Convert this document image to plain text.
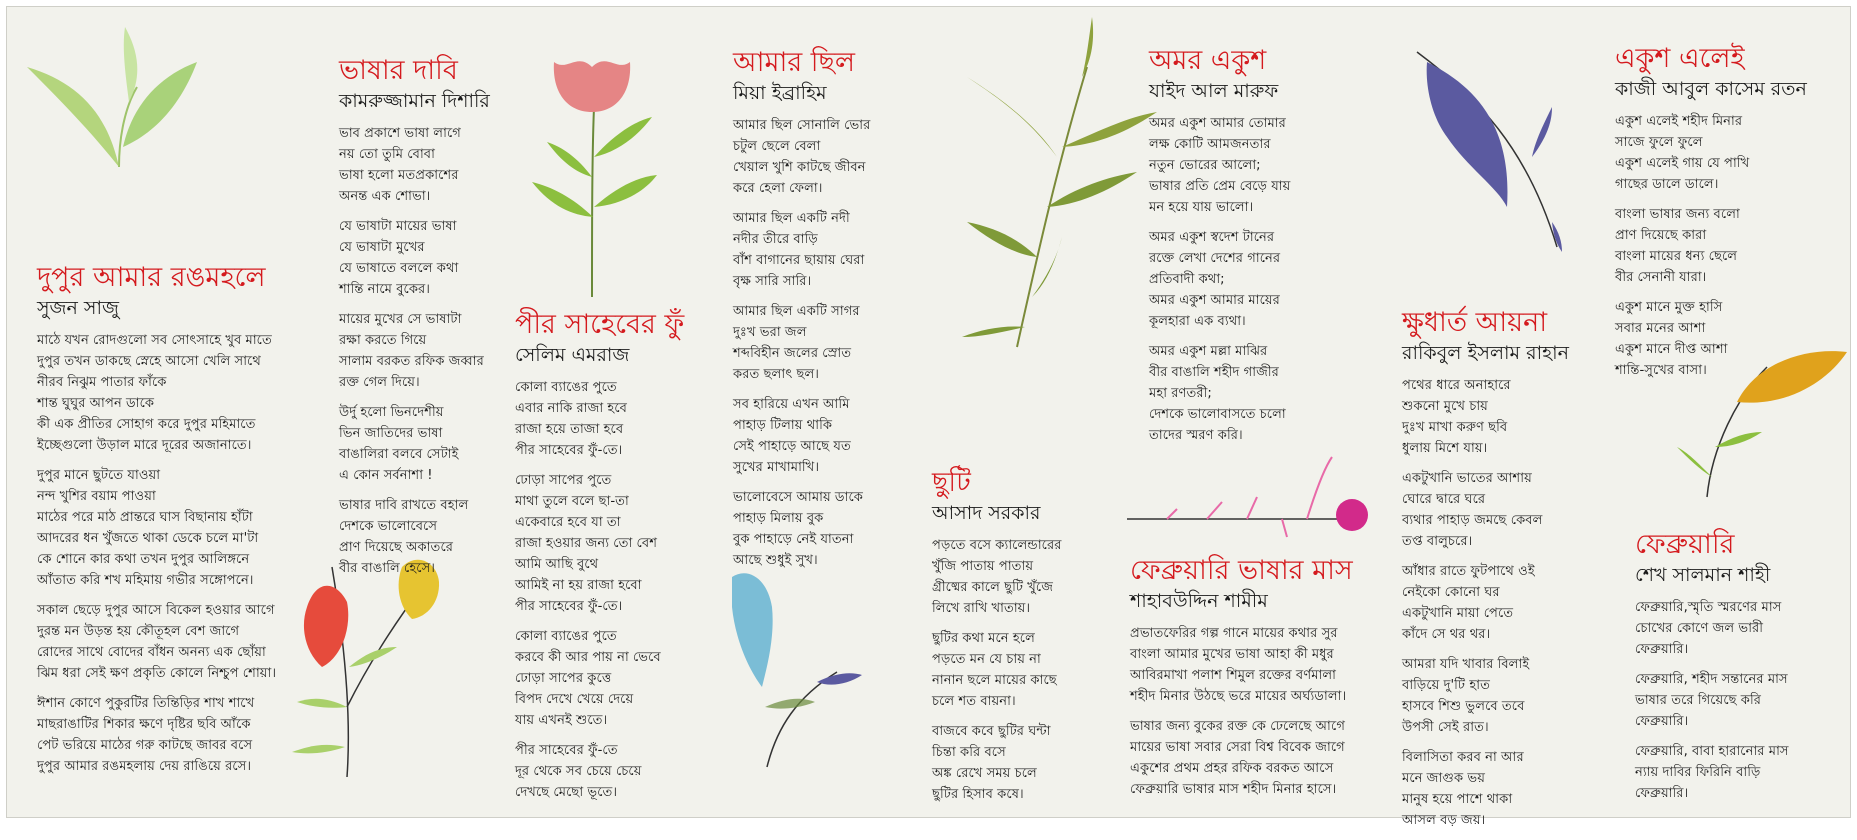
দুপুর আমার রঙমহলে
সুজন সাজু
মাঠে যখন রোদগুলো সব সোৎসাহে খুব মাতে
দুপুর তখন ডাকছে স্নেহে আসো খেলি সাথে
নীরব নিঝুম পাতার ফাঁকে
শান্ত ঘুঘুর আপন ডাকে
কী এক প্রীতির সোহাগ করে দুপুর মহিমাতে
ইচ্ছেগুলো উড়াল মারে দূরের অজানাতে।
দুপুর মানে ছুটতে যাওয়া
নন্দ খুশির বয়াম পাওয়া
মাঠের পরে মাঠ প্রান্তরে ঘাস বিছানায় হাঁটা
আদরের ধন খুঁজতে থাকা ডেকে চলে মা'টা
কে শোনে কার কথা তখন দুপুর আলিঙ্গনে
আঁতাত করি শখ মহিমায় গভীর সঙ্গোপনে।
সকাল ছেড়ে দুপুর আসে বিকেল হওয়ার আগে
দুরন্ত মন উড়ন্ত হয় কৌতূহল বেশ জাগে
রোদের সাথে বোদের বাঁধন অনন্য এক ছোঁয়া
ঝিম ধরা সেই ক্ষণ প্রকৃতি কোলে নিশ্চুপ শোয়া।
ঈশান কোণে পুকুরটির তিন্তিড়ির শাখ শাখে
মাছরাঙাটির শিকার ক্ষণে দৃষ্টির ছবি আঁকে
পেট ভরিয়ে মাঠের গরু কাটছে জাবর বসে
দুপুর আমার রঙমহলায় দেয় রাঙিয়ে রসে।
ভাষার দাবি
কামরুজ্জামান দিশারি
ভাব প্রকাশে ভাষা লাগে
নয় তো তুমি বোবা
ভাষা হলো মতপ্রকাশের
অনন্ত এক শোভা।
যে ভাষাটা মায়ের ভাষা
যে ভাষাটা মুখের
যে ভাষাতে বললে কথা
শান্তি নামে বুকের।
মায়ের মুখের সে ভাষাটা
রক্ষা করতে গিয়ে
সালাম বরকত রফিক জব্বার
রক্ত গেল দিয়ে।
উর্দু হলো ভিনদেশীয়
ভিন জাতিদের ভাষা
বাঙালিরা বলবে সেটাই
এ কোন সর্বনাশা !
ভাষার দাবি রাখতে বহাল
দেশকে ভালোবেসে
প্রাণ দিয়েছে অকাতরে
বীর বাঙালি হেসে।
পীর সাহেবের ফুঁ
সেলিম এমরাজ
কোলা ব্যাঙের পুতে
এবার নাকি রাজা হবে
রাজা হয়ে তাজা হবে
পীর সাহেবের ফুঁ-তে।
ঢোড়া সাপের পুতে
মাথা তুলে বলে ছা-তা
একেবারে হবে যা তা
রাজা হওয়ার জন্য তো বেশ
আমি আছি বুথে
আমিই না হয় রাজা হবো
পীর সাহেবের ফুঁ-তে।
কোলা ব্যাঙের পুতে
করবে কী আর পায় না ভেবে
ঢোড়া সাপের কুত্তে
বিপদ দেখে খেয়ে দেয়ে
যায় এখনই শুতে।
পীর সাহেবের ফুঁ-তে
দূর থেকে সব চেয়ে চেয়ে
দেখছে মেছো ভূতে।
আমার ছিল
মিয়া ইব্রাহিম
আমার ছিল সোনালি ভোর
চটুল ছেলে বেলা
খেয়াল খুশি কাটছে জীবন
করে হেলা ফেলা।
আমার ছিল একটি নদী
নদীর তীরে বাড়ি
বাঁশ বাগানের ছায়ায় ঘেরা
বৃক্ষ সারি সারি।
আমার ছিল একটি সাগর
দুঃখ ভরা জল
শব্দবিহীন জলের স্রোত
করত ছলাৎ ছল।
সব হারিয়ে এখন আমি
পাহাড় টিলায় থাকি
সেই পাহাড়ে আছে যত
সুখের মাখামাখি।
ভালোবেসে আমায় ডাকে
পাহাড় মিলায় বুক
বুক পাহাড়ে নেই যাতনা
আছে শুধুই সুখ।
ছুটি
আসাদ সরকার
পড়তে বসে ক্যালেন্ডারের
খুঁজি পাতায় পাতায়
গ্রীষ্মের কালে ছুটি খুঁজে
লিখে রাখি খাতায়।
ছুটির কথা মনে হলে
পড়তে মন যে চায় না
নানান ছলে মায়ের কাছে
চলে শত বায়না।
বাজবে কবে ছুটির ঘন্টা
চিন্তা করি বসে
অঙ্ক রেখে সময় চলে
ছুটির হিসাব কষে।
অমর একুশ
যাইদ আল মারুফ
অমর একুশ আমার তোমার
লক্ষ কোটি আমজনতার
নতুন ভোরের আলো;
ভাষার প্রতি প্রেম বেড়ে যায়
মন হয়ে যায় ভালো।
অমর একুশ স্বদেশ টানের
রক্তে লেখা দেশের গানের
প্রতিবাদী কথা;
অমর একুশ আমার মায়ের
কূলহারা এক ব্যথা।
অমর একুশ মল্লা মাঝির
বীর বাঙালি শহীদ গাজীর
মহা রণতরী;
দেশকে ভালোবাসতে চলো
তাদের স্মরণ করি।
ফেব্রুয়ারি ভাষার মাস
শাহাবউদ্দিন শামীম
প্রভাতফেরির গল্প গানে মায়ের কথার সুর
বাংলা আমার মুখের ভাষা আহা কী মধুর
আবিরমাখা পলাশ শিমুল রক্তের বর্ণমালা
শহীদ মিনার উঠছে ভরে মায়ের অর্ঘ্যডালা।
ভাষার জন্য বুকের রক্ত কে ঢেলেছে আগে
মায়ের ভাষা সবার সেরা বিশ্ব বিবেক জাগে
একুশের প্রথম প্রহর রফিক বরকত আসে
ফেব্রুয়ারি ভাষার মাস শহীদ মিনার হাসে।
ক্ষুধার্ত আয়না
রাকিবুল ইসলাম রাহান
পথের ধারে অনাহারে
শুকনো মুখে চায়
দুঃখ মাখা করুণ ছবি
ধুলায় মিশে যায়।
একটুখানি ভাতের আশায়
ঘোরে দ্বারে ঘরে
ব্যথার পাহাড় জমছে কেবল
তপ্ত বালুচরে।
আঁধার রাতে ফুটপাথে ওই
নেইকো কোনো ঘর
একটুখানি মায়া পেতে
কাঁদে সে থর থর।
আমরা যদি খাবার বিলাই
বাড়িয়ে দু'টি হাত
হাসবে শিশু ভুলবে তবে
উপসী সেই রাত।
বিলাসিতা করব না আর
মনে জাগুক ভয়
মানুষ হয়ে পাশে থাকা
আসল বড় জয়।
একুশ এলেই
কাজী আবুল কাসেম রতন
একুশ এলেই শহীদ মিনার
সাজে ফুলে ফুলে
একুশ এলেই গায় যে পাখি
গাছের ডালে ডালে।
বাংলা ভাষার জন্য বলো
প্রাণ দিয়েছে কারা
বাংলা মায়ের ধন্য ছেলে
বীর সেনানী যারা।
একুশ মানে মুক্ত হাসি
সবার মনের আশা
একুশ মানে দীপ্ত আশা
শান্তি-সুখের বাসা।
ফেব্রুয়ারি
শেখ সালমান শাহী
ফেব্রুয়ারি,স্মৃতি স্মরণের মাস
চোখের কোণে জল ভারী
ফেব্রুয়ারি।
ফেব্রুয়ারি, শহীদ সন্তানের মাস
ভাষার তরে গিয়েছে করি
ফেব্রুয়ারি।
ফেব্রুয়ারি, বাবা হারানোর মাস
ন্যায় দাবির ফিরিনি বাড়ি
ফেব্রুয়ারি।
